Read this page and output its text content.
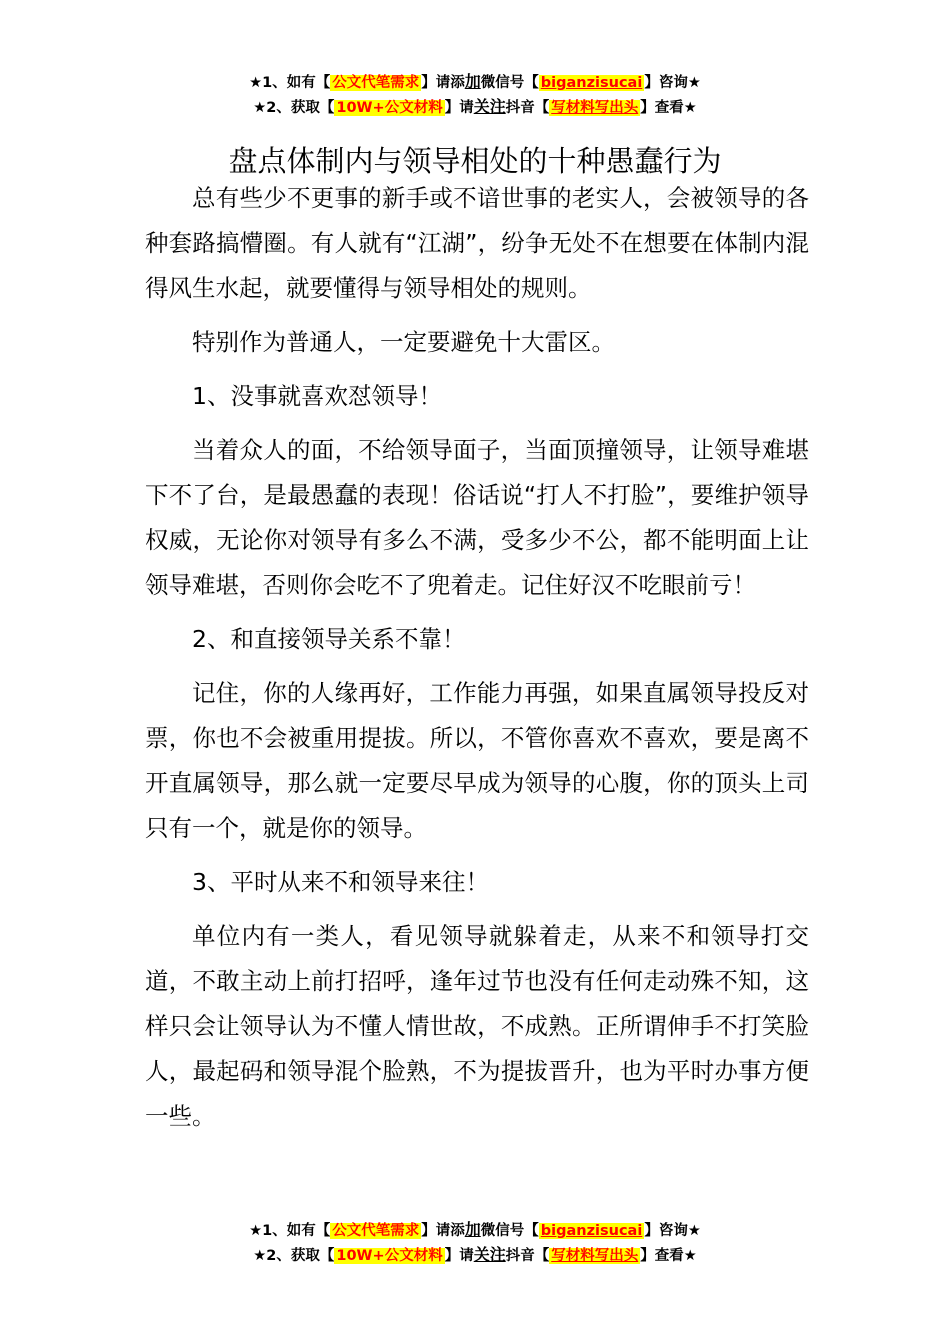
★1、如有【 公文代笔需求 】请添加微信号【 biganzisucai 】咨询★
★2、获取【 10W+公文材料 】请关注抖音【 写材料写出头 】查看★
盘点体制内与领导相处的十种愚蠢行为

总有些少不更事的新手或不谙世事的老实人，会被领导的各种套路搞懵圈。有人就有“江湖”，纷争无处不在想要在体制内混得风生水起，就要懂得与领导相处的规则。

特别作为普通人，一定要避免十大雷区。

1、没事就喜欢怼领导！

当着众人的面，不给领导面子，当面顶撞领导，让领导难堪下不了台，是最愚蠢的表现！俗话说“打人不打脸”，要维护领导权威，无论你对领导有多么不满，受多少不公，都不能明面上让领导难堪，否则你会吃不了兜着走。记住好汉不吃眼前亏！

2、和直接领导关系不靠！

记住，你的人缘再好，工作能力再强，如果直属领导投反对票，你也不会被重用提拔。所以，不管你喜欢不喜欢，要是离不开直属领导，那么就一定要尽早成为领导的心腹，你的顶头上司只有一个，就是你的领导。

3、平时从来不和领导来往！

单位内有一类人，看见领导就躲着走，从来不和领导打交道，不敢主动上前打招呼，逢年过节也没有任何走动殊不知，这样只会让领导认为不懂人情世故，不成熟。正所谓伸手不打笑脸人，最起码和领导混个脸熟，不为提拔晋升，也为平时办事方便一些。

★1、如有【 公文代笔需求 】请添加微信号【 biganzisucai 】咨询★
★2、获取【 10W+公文材料 】请关注抖音【 写材料写出头 】查看★
